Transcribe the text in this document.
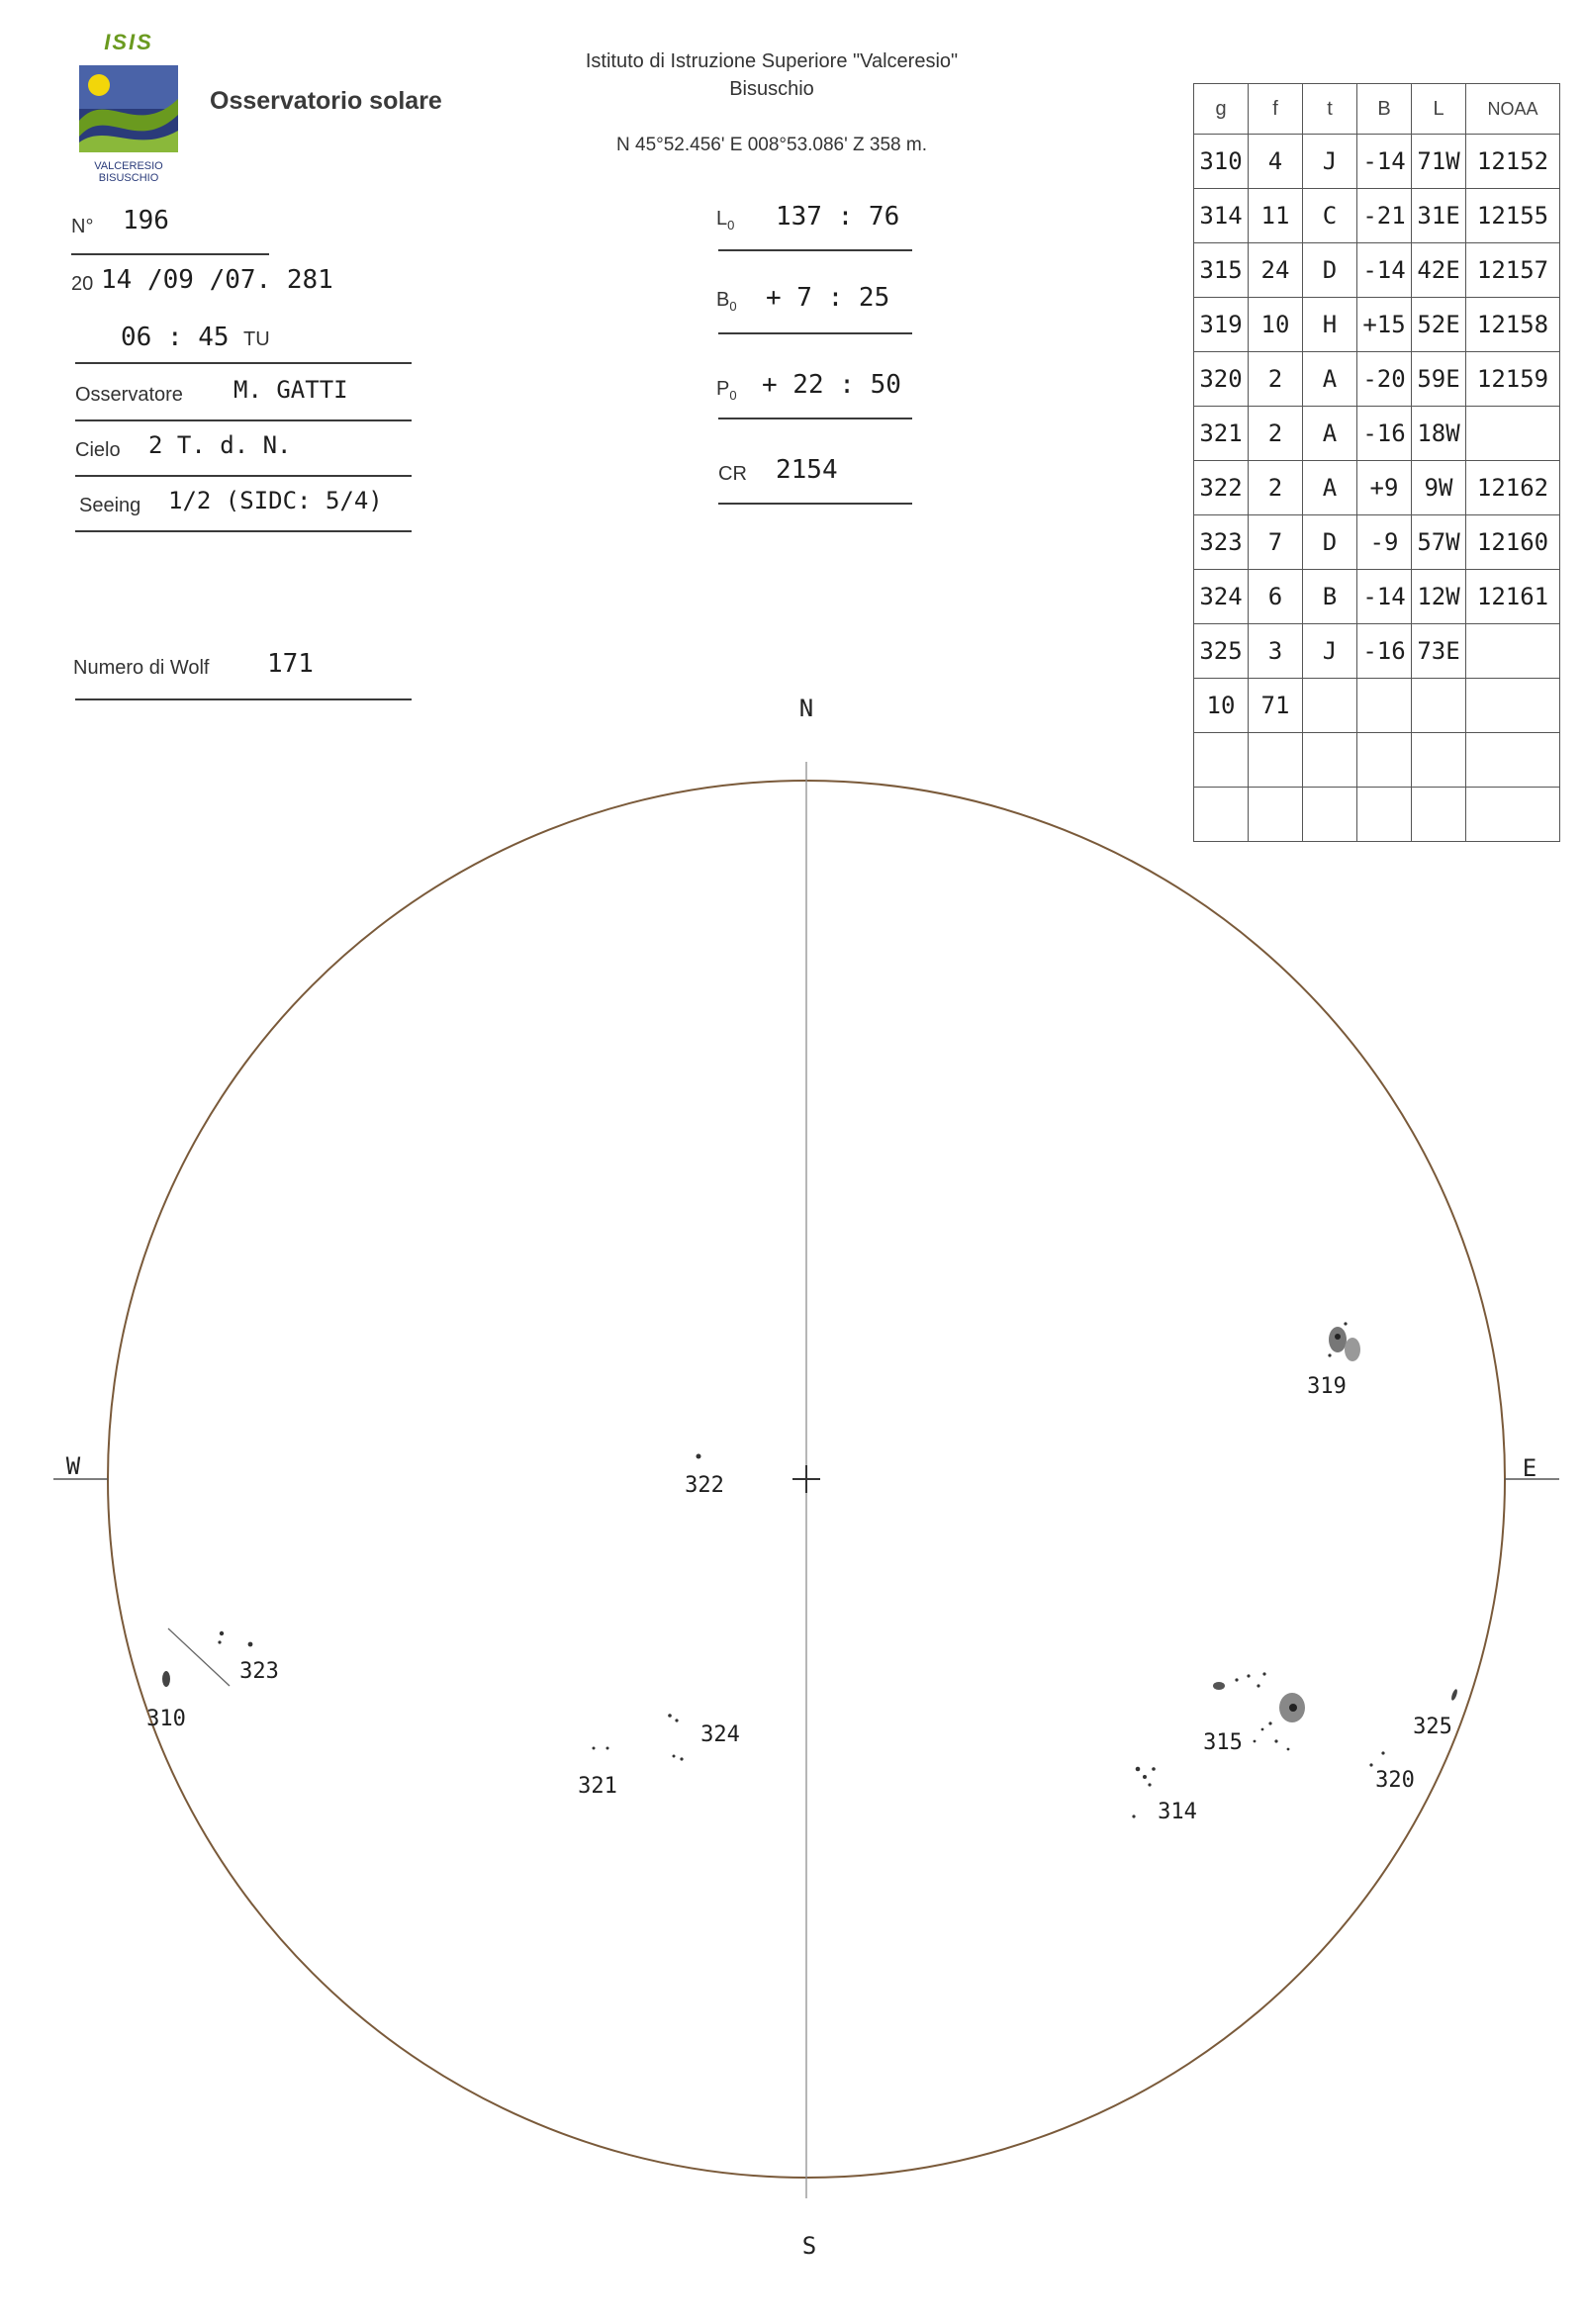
ISIS
VALCERESIO
BISUSCHIO
Osservatorio solare
Istituto di Istruzione Superiore "Valceresio"
Bisuschio
N 45°52.456' E 008°53.086' Z 358 m.
N° 196
20 14 /09 /07. 281
06 : 45 TU
Osservatore M. GATTI
Cielo 2 T. d. N.
Seeing 1/2 (SIDC: 5/4)
Numero di Wolf 171
$L_0$ 137 : 76
$B_0 + 7$ : 25
$P_0 + 22$ : 50
CR 2154
g	f	t	B	L	NOAA
310	4	J	-14	71W	12152
314	11	C	-21	31E	12155
315	24	D	-14	42E	12157
319	10	H	+15	52E	12158
320	2	A	-20	59E	12159
321	2	A	-16	18W	
322	2	A	+9	9W	12162
323	7	D	-9	57W	12160
324	6	B	-14	12W	12161
325	3	J	-16	73E	
10	71				

N
S
W	E
310
323
322
324
321
319
315
314
325
320
